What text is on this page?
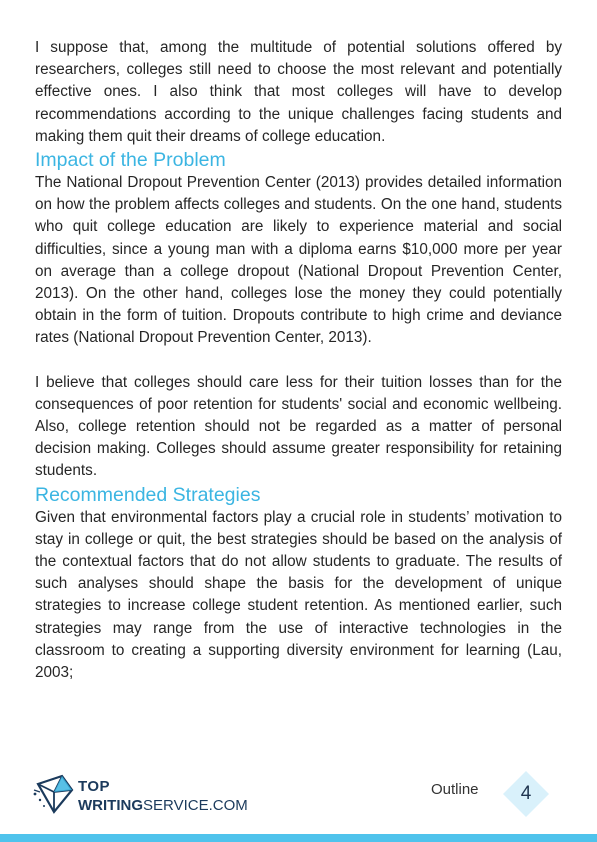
I suppose that, among the multitude of potential solutions offered by researchers, colleges still need to choose the most relevant and potentially effective ones. I also think that most colleges will have to develop recommendations according to the unique challenges facing students and making them quit their dreams of college education.

Impact of the Problem

The National Dropout Prevention Center (2013) provides detailed information on how the problem affects colleges and students. On the one hand, students who quit college education are likely to experience material and social difficulties, since a young man with a diploma earns $10,000 more per year on average than a college dropout (National Dropout Prevention Center, 2013). On the other hand, colleges lose the money they could potentially obtain in the form of tuition. Dropouts contribute to high crime and deviance rates (National Dropout Prevention Center, 2013).

I believe that colleges should care less for their tuition losses than for the consequences of poor retention for students' social and economic wellbeing. Also, college retention should not be regarded as a matter of personal decision making. Colleges should assume greater responsibility for retaining students.

Recommended Strategies

Given that environmental factors play a crucial role in students’ motivation to stay in college or quit, the best strategies should be based on the analysis of the contextual factors that do not allow students to graduate. The results of such analyses should shape the basis for the development of unique strategies to increase college student retention. As mentioned earlier, such strategies may range from the use of interactive technologies in the classroom to creating a supporting diversity environment for learning (Lau, 2003;

TOP
WRITINGSERVICE.COM
Outline	4
